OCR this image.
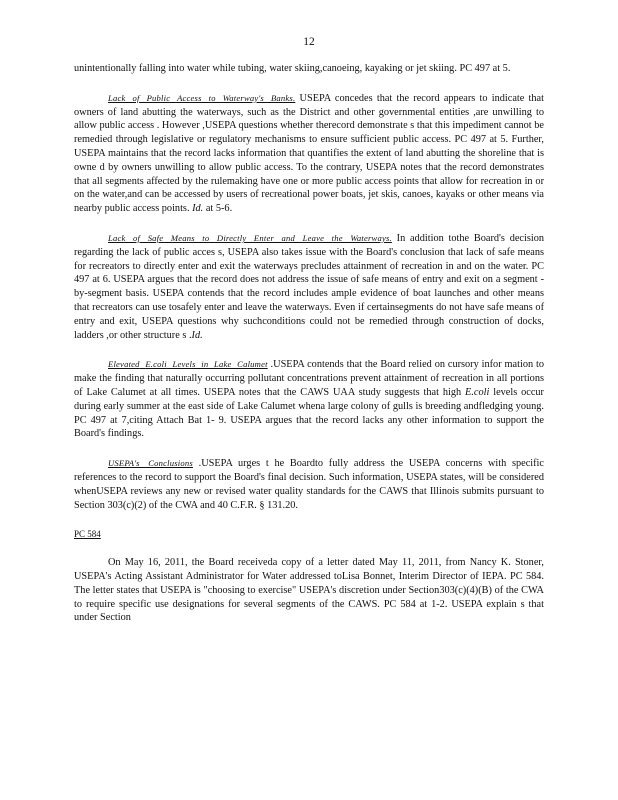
12

unintentionally falling into water while tubing, water skiing,canoeing, kayaking or jet skiing. PC 497 at 5.

Lack of Public Access to Waterway's Banks. USEPA concedes that the record appears to indicate that owners of land abutting the waterways, such as the District and other governmental entities ,are unwilling to allow public access . However ,USEPA questions whether therecord demonstrate s that this impediment cannot be remedied through legislative or regulatory mechanisms to ensure sufficient public access. PC 497 at 5. Further, USEPA maintains that the record lacks information that quantifies the extent of land abutting the shoreline that is owne d by owners unwilling to allow public access. To the contrary, USEPA notes that the record demonstrates that all segments affected by the rulemaking have one or more public access points that allow for recreation in or on the water,and can be accessed by users of recreational power boats, jet skis, canoes, kayaks or other means via nearby public access points. Id. at 5-6.

Lack of Safe Means to Directly Enter and Leave the Waterways. In addition tothe Board's decision regarding the lack of public acces s, USEPA also takes issue with the Board's conclusion that lack of safe means for recreators to directly enter and exit the waterways precludes attainment of recreation in and on the water. PC 497 at 6. USEPA argues that the record does not address the issue of safe means of entry and exit on a segment -by-segment basis. USEPA contends that the record includes ample evidence of boat launches and other means that recreators can use tosafely enter and leave the waterways. Even if certainsegments do not have safe means of entry and exit, USEPA questions why suchconditions could not be remedied through construction of docks, ladders ,or other structure s .Id.

Elevated E.coli Levels in Lake Calumet .USEPA contends that the Board relied on cursory infor mation to make the finding that naturally occurring pollutant concentrations prevent attainment of recreation in all portions of Lake Calumet at all times. USEPA notes that the CAWS UAA study suggests that high E.coli levels occur during early summer at the east side of Lake Calumet whena large colony of gulls is breeding andfledging young. PC 497 at 7,citing Attach Bat 1- 9. USEPA argues that the record lacks any other information to support the Board's findings.

USEPA's Conclusions .USEPA urges t he Boardto fully address the USEPA concerns with specific references to the record to support the Board's final decision. Such information, USEPA states, will be considered whenUSEPA reviews any new or revised water quality standards for the CAWS that Illinois submits pursuant to Section 303(c)(2) of the CWA and 40 C.F.R. § 131.20.

PC 584

On May 16, 2011, the Board receiveda copy of a letter dated May 11, 2011, from Nancy K. Stoner, USEPA's Acting Assistant Administrator for Water addressed toLisa Bonnet, Interim Director of IEPA. PC 584. The letter states that USEPA is "choosing to exercise" USEPA's discretion under Section303(c)(4)(B) of the CWA to require specific use designations for several segments of the CAWS. PC 584 at 1-2. USEPA explain s that under Section
